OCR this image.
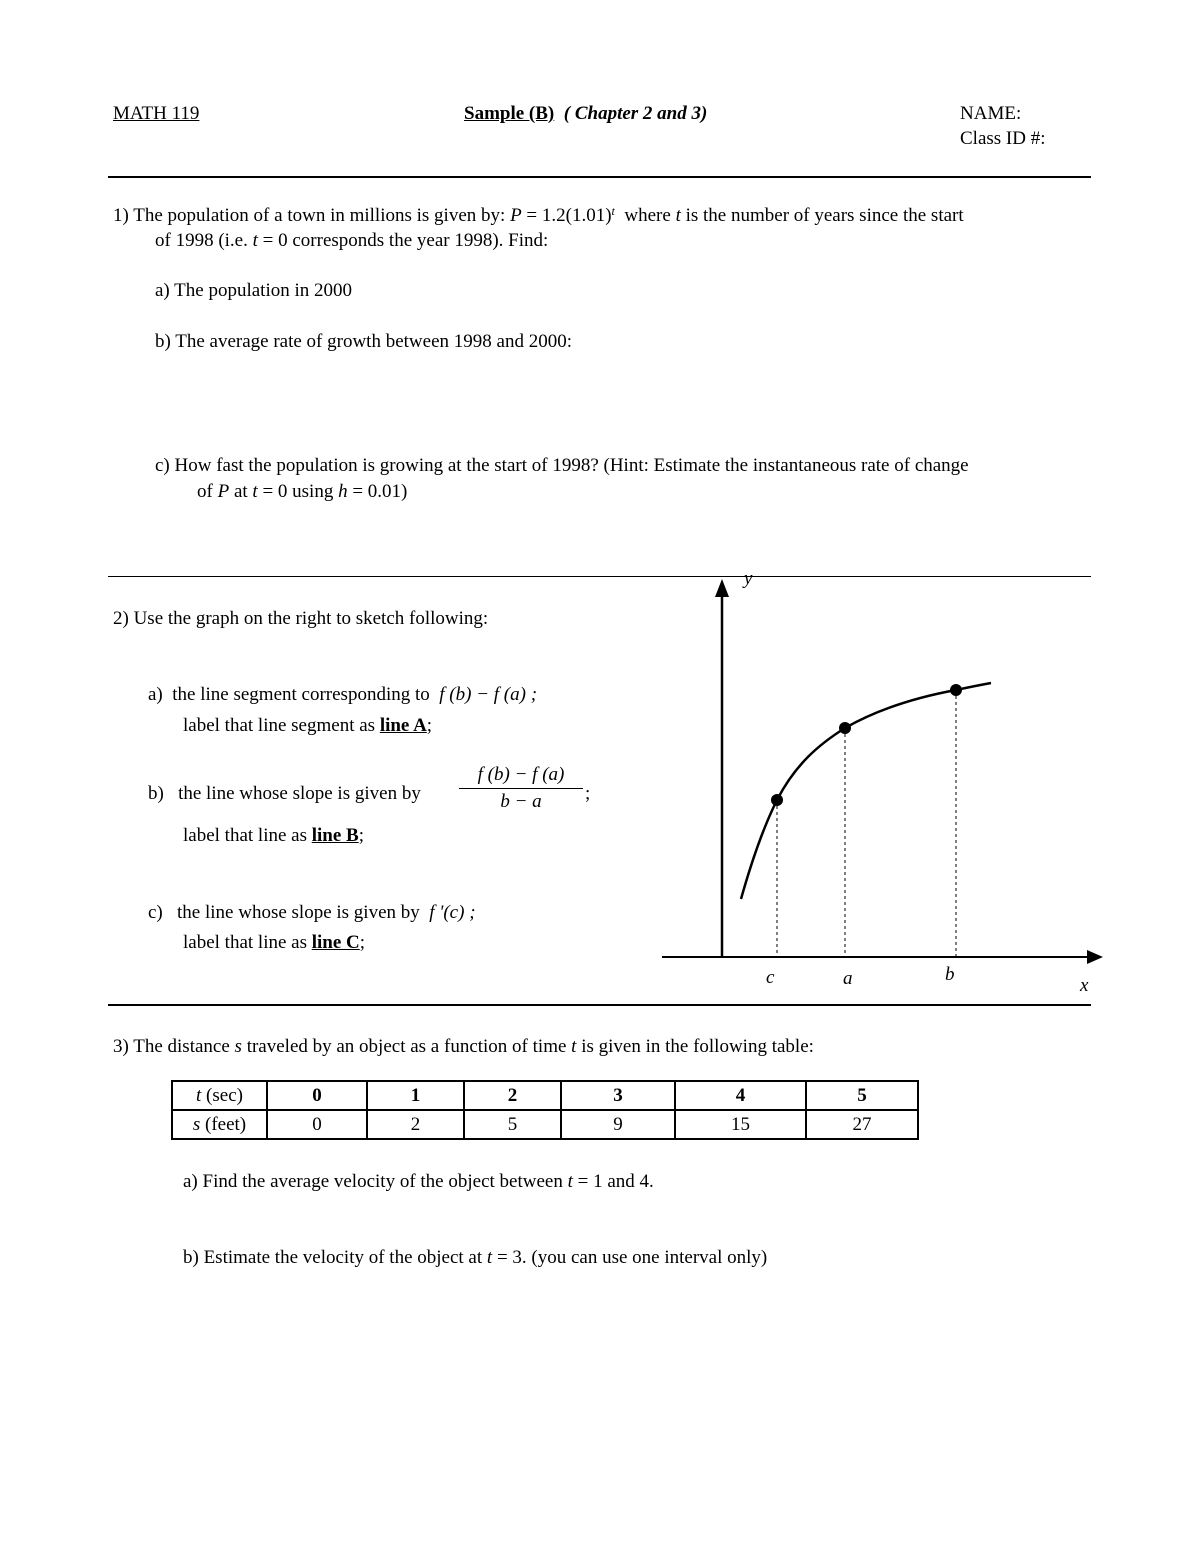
MATH 119	Sample (B) ( Chapter 2 and 3)	NAME:
Class ID #:
1) The population of a town in millions is given by: $P = 1.2(1.01)^t$ where t is the number of years since the start
of 1998 (i.e. t = 0 corresponds the year 1998). Find:
a) The population in 2000
b) The average rate of growth between 1998 and 2000:
c) How fast the population is growing at the start of 1998? (Hint: Estimate the instantaneous rate of change
of P at t = 0 using h = 0.01)
2) Use the graph on the right to sketch following:
a) the line segment corresponding to f (b) − f (a) ;
label that line segment as line A;
b) the line whose slope is given by $\frac{f (b) - f (a)}{b - a}$ ;
label that line as line B;
c) the line whose slope is given by f '(c) ;
label that line as line C;
y
x
c	a	b
3) The distance s traveled by an object as a function of time t is given in the following table:
t (sec)	0	1	2	3	4	5
s (feet)	0	2	5	9	15	27
a) Find the average velocity of the object between t = 1 and 4.
b) Estimate the velocity of the object at t = 3. (you can use one interval only)
